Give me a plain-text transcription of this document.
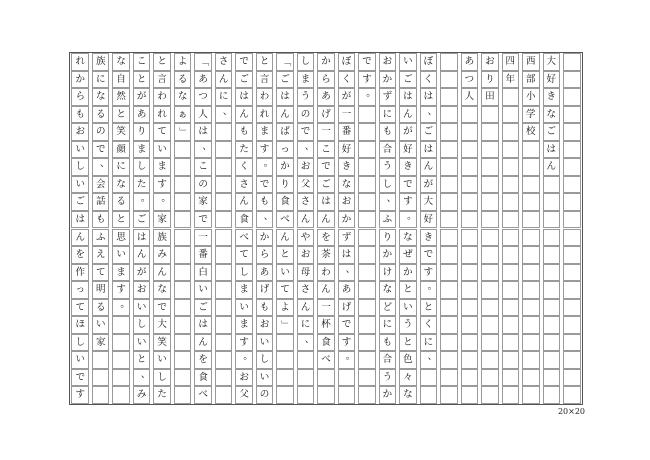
大
好
き
な
ご
は
ん
西
部
小
学
校
四
年
お
り
田
あ
つ
人
ぼ
く
は
、
ご
は
ん
が
大
好
き
で
す
。
と
く
に
、
い
ご
は
ん
が
好
き
で
す
。
な
ぜ
か
と
い
う
と
色
々
な
お
か
ず
に
も
合
う
し
、
ふ
り
か
け
な
ど
に
も
合
う
か
で
す
。
ぼ
く
が
一
番
好
き
な
お
か
ず
は
、
あ
げ
で
す
。
か
ら
あ
げ
一
こ
で
ご
は
ん
を
茶
わ
ん
一
杯
食
べ
し
ま
う
の
で
、
お
父
さ
ん
や
お
母
さ
ん
に
、
「
ご
は
ん
ば
っ
か
り
食
べ
ん
と
い
て
よ
」
と
言
わ
れ
ま
す
。
で
も
、
か
ら
あ
げ
も
お
い
し
い
の
で
ご
は
ん
も
た
く
さ
ん
食
べ
て
し
ま
い
ま
す
。
お
父
さ
ん
に
、
「
あ
つ
人
は
、
こ
の
家
で
一
番
白
い
ご
は
ん
を
食
べ
よ
る
な
ぁ
」
と
言
わ
れ
て
い
ま
す
。
家
族
み
ん
な
で
大
笑
い
し
た
こ
と
が
あ
り
ま
し
た
。
ご
は
ん
が
お
い
し
い
と
、
み
な
自
然
と
笑
顔
に
な
る
と
思
い
ま
す
。
族
に
な
る
の
で
、
会
話
も
ふ
え
て
明
る
い
家
れ
か
ら
も
お
い
し
い
ご
は
ん
を
作
っ
て
ほ
し
い
で
す
20×20
